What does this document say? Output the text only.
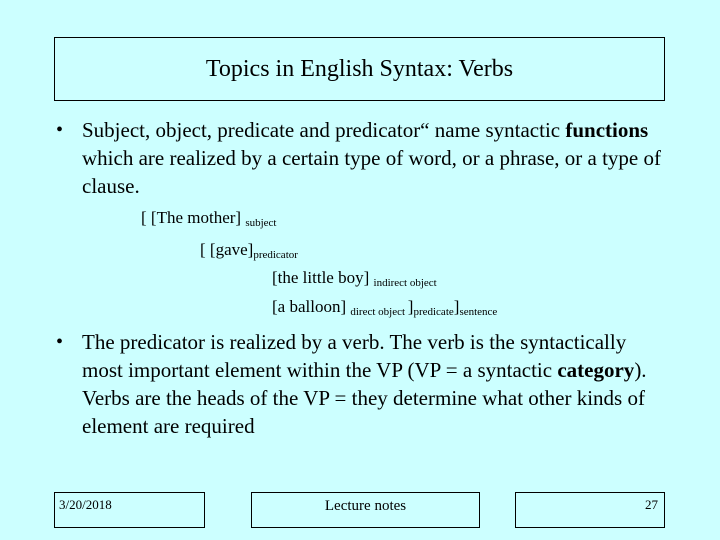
Topics in English Syntax: Verbs
• Subject, object, predicate and predicator“ name syntactic functions which are realized by a certain type of word, or a phrase, or a type of clause.
[ [The mother] subject
[ [gave]predicator
[the little boy] indirect object
[a balloon] direct object ]predicate]sentence
• The predicator is realized by a verb. The verb is the syntactically most important element within the VP (VP = a syntactic category). Verbs are the heads of the VP = they determine what other kinds of element are required
3/20/2018	Lecture notes	27
